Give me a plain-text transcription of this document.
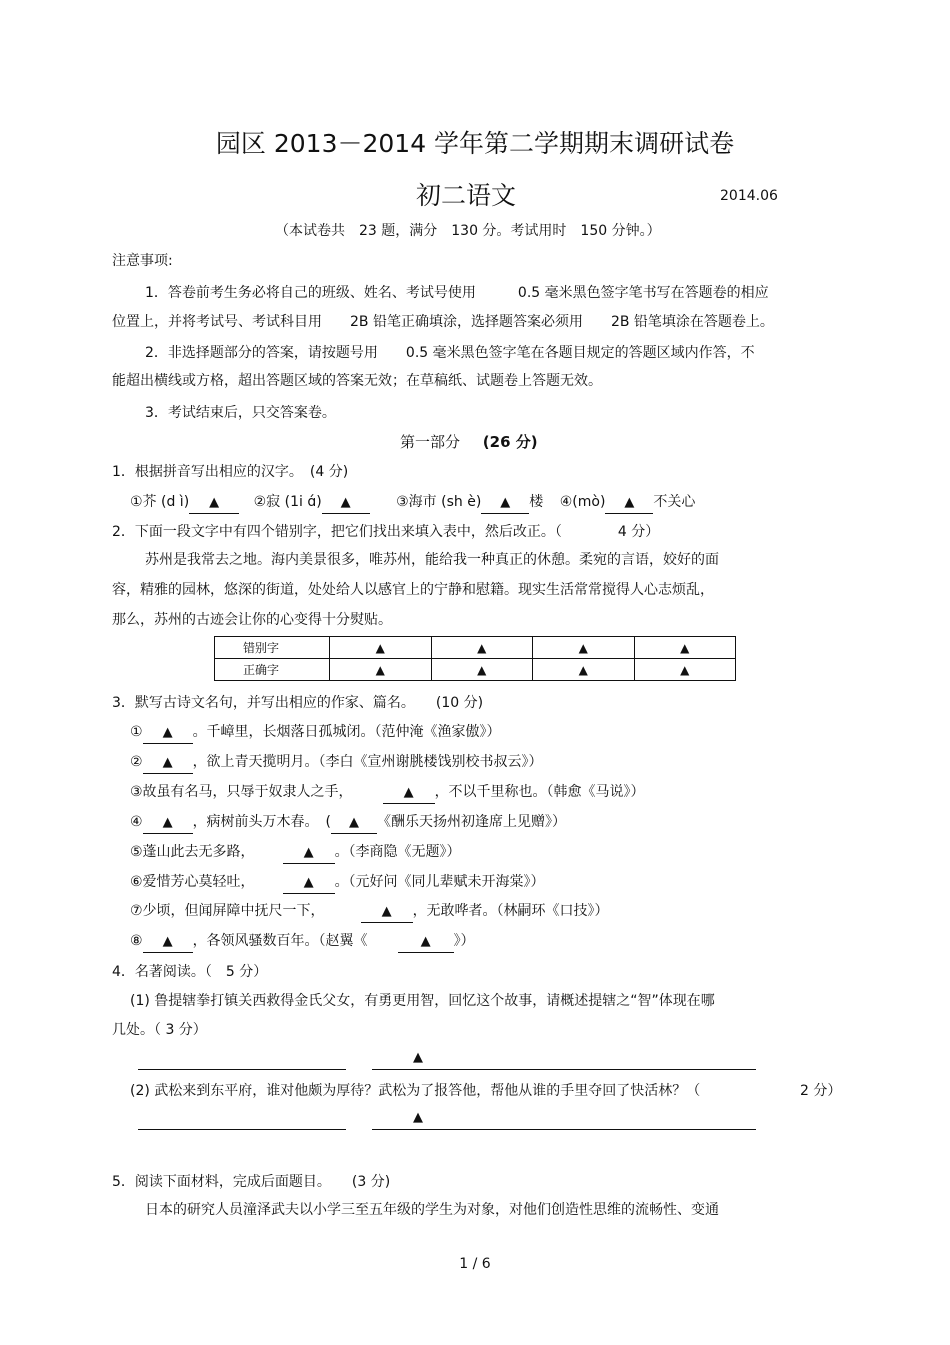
园区 2013－2014 学年第二学期期末调研试卷
初二语文	2014.06
（本试卷共　23 题，满分　130 分。考试用时　150 分钟。）
注意事项:
1．答卷前考生务必将自己的班级、姓名、考试号使用　　　0.5 毫米黑色签字笔书写在答题卷的相应
位置上，并将考试号、考试科目用　　2B 铅笔正确填涂，选择题答案必须用　　2B 铅笔填涂在答题卷上。
2．非选择题部分的答案，请按题号用　　0.5 毫米黑色签字笔在各题目规定的答题区域内作答，不
能超出横线或方格，超出答题区域的答案无效；在草稿纸、试题卷上答题无效。
3．考试结束后，只交答案卷。
第一部分 (26 分)
1．根据拼音写出相应的汉字。　(4 分)
①芥 (d ì) ▲ ②寂 (1i ɑ́) ▲	③海市 (sh è) ▲ 楼 ④(mò) ▲ 不关心
2．下面一段文字中有四个错别字，把它们找出来填入表中，然后改正。（　　　　4 分）
苏州是我常去之地。海内美景很多，唯苏州，能给我一种真正的休憩。柔宛的言语，姣好的面
容，精雅的园林，悠深的街道，处处给人以感官上的宁静和慰籍。现实生活常常搅得人心志烦乱，
那么，苏州的古迹会让你的心变得十分熨贴。
错别字	▲	▲	▲	▲
正确字	▲	▲	▲	▲
3．默写古诗文名句，并写出相应的作家、篇名。　　(10 分)
① ▲ 。千嶂里，长烟落日孤城闭。（范仲淹《渔家傲》）
② ▲ ，欲上青天揽明月。（李白《宣州谢朓楼饯别校书叔云》）
③故虽有名马，只辱于奴隶人之手，	▲ ，不以千里称也。（韩愈《马说》）
④ ▲ ，病树前头万木春。　( ▲ 《酬乐天扬州初逢席上见赠》）
⑤蓬山此去无多路，	▲ 。（李商隐《无题》）
⑥爱惜芳心莫轻吐，	▲ 。（元好问《同儿辈赋未开海棠》）
⑦少顷，但闻屏障中抚尺一下，	▲ ，无敢哗者。（林嗣环《口技》）
⑧ ▲ ，各领风骚数百年。（赵翼《	▲ 》）
4．名著阅读。（　5 分）
(1) 鲁提辖拳打镇关西救得金氏父女，有勇更用智，回忆这个故事，请概述提辖之“智”体现在哪
几处。（ 3 分）
▲
(2) 武松来到东平府，谁对他颇为厚待？武松为了报答他，帮他从谁的手里夺回了快活林？（	2 分）
▲
5．阅读下面材料，完成后面题目。　　(3 分)
日本的研究人员潼泽武夫以小学三至五年级的学生为对象，对他们创造性思维的流畅性、变通
1 / 6
